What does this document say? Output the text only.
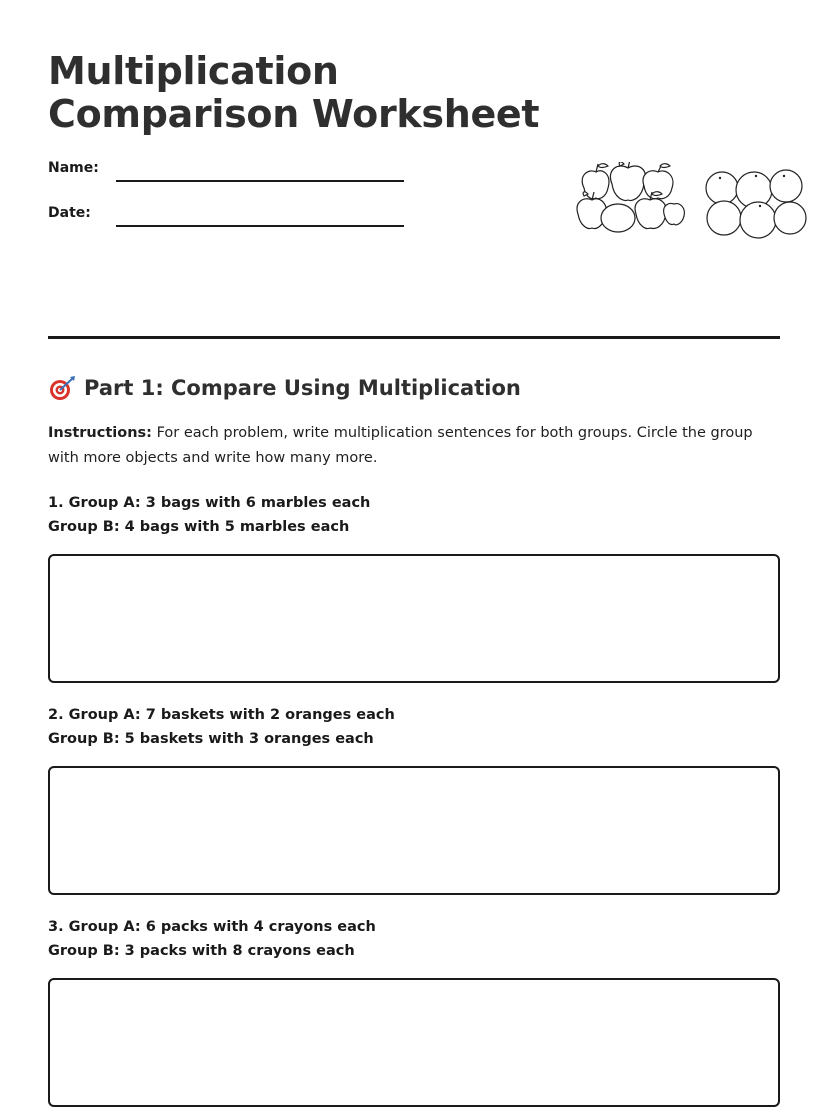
Multiplication
Comparison Worksheet
Name:
Date:
Part 1: Compare Using Multiplication

Instructions: For each problem, write multiplication sentences for both groups. Circle the group with more objects and write how many more.

1. Group A: 3 bags with 6 marbles each

Group B: 4 bags with 5 marbles each

2. Group A: 7 baskets with 2 oranges each

Group B: 5 baskets with 3 oranges each

3. Group A: 6 packs with 4 crayons each

Group B: 3 packs with 8 crayons each
